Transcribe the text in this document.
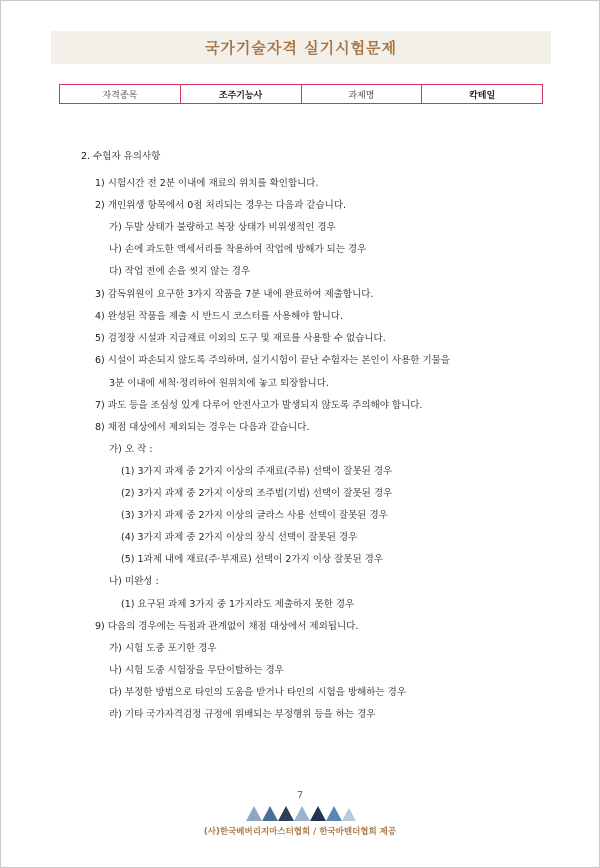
국가기술자격 실기시험문제
자격종목	조주기능사	과제명	칵테일
2. 수험자 유의사항
1) 시험시간 전 2분 이내에 재료의 위치를 확인합니다.
2) 개인위생 항목에서 0점 처리되는 경우는 다음과 같습니다.
가) 두발 상태가 불량하고 복장 상태가 비위생적인 경우
나) 손에 과도한 액세서리를 착용하여 작업에 방해가 되는 경우
다) 작업 전에 손을 씻지 않는 경우
3) 감독위원이 요구한 3가지 작품을 7분 내에 완료하여 제출합니다.
4) 완성된 작품을 제출 시 반드시 코스터를 사용해야 합니다.
5) 검정장 시설과 지급재료 이외의 도구 및 재료를 사용할 수 없습니다.
6) 시설이 파손되지 않도록 주의하며, 실기시험이 끝난 수험자는 본인이 사용한 기물을
3분 이내에 세척·정리하여 원위치에 놓고 퇴장합니다.
7) 과도 등을 조심성 있게 다루어 안전사고가 발생되지 않도록 주의해야 합니다.
8) 채점 대상에서 제외되는 경우는 다음과 같습니다.
가) 오 작 :
(1) 3가지 과제 중 2가지 이상의 주재료(주류) 선택이 잘못된 경우
(2) 3가지 과제 중 2가지 이상의 조주법(기법) 선택이 잘못된 경우
(3) 3가지 과제 중 2가지 이상의 글라스 사용 선택이 잘못된 경우
(4) 3가지 과제 중 2가지 이상의 장식 선택이 잘못된 경우
(5) 1과제 내에 재료(주·부재료) 선택이 2가지 이상 잘못된 경우
나) 미완성 :
(1) 요구된 과제 3가지 중 1가지라도 제출하지 못한 경우
9) 다음의 경우에는 득점과 관계없이 채점 대상에서 제외됩니다.
가) 시험 도중 포기한 경우
나) 시험 도중 시험장을 무단이탈하는 경우
다) 부정한 방법으로 타인의 도움을 받거나 타인의 시험을 방해하는 경우
라) 기타 국가자격검정 규정에 위배되는 부정행위 등을 하는 경우
7
(사)한국베버리지마스터협회 / 한국바텐더협회 제공
